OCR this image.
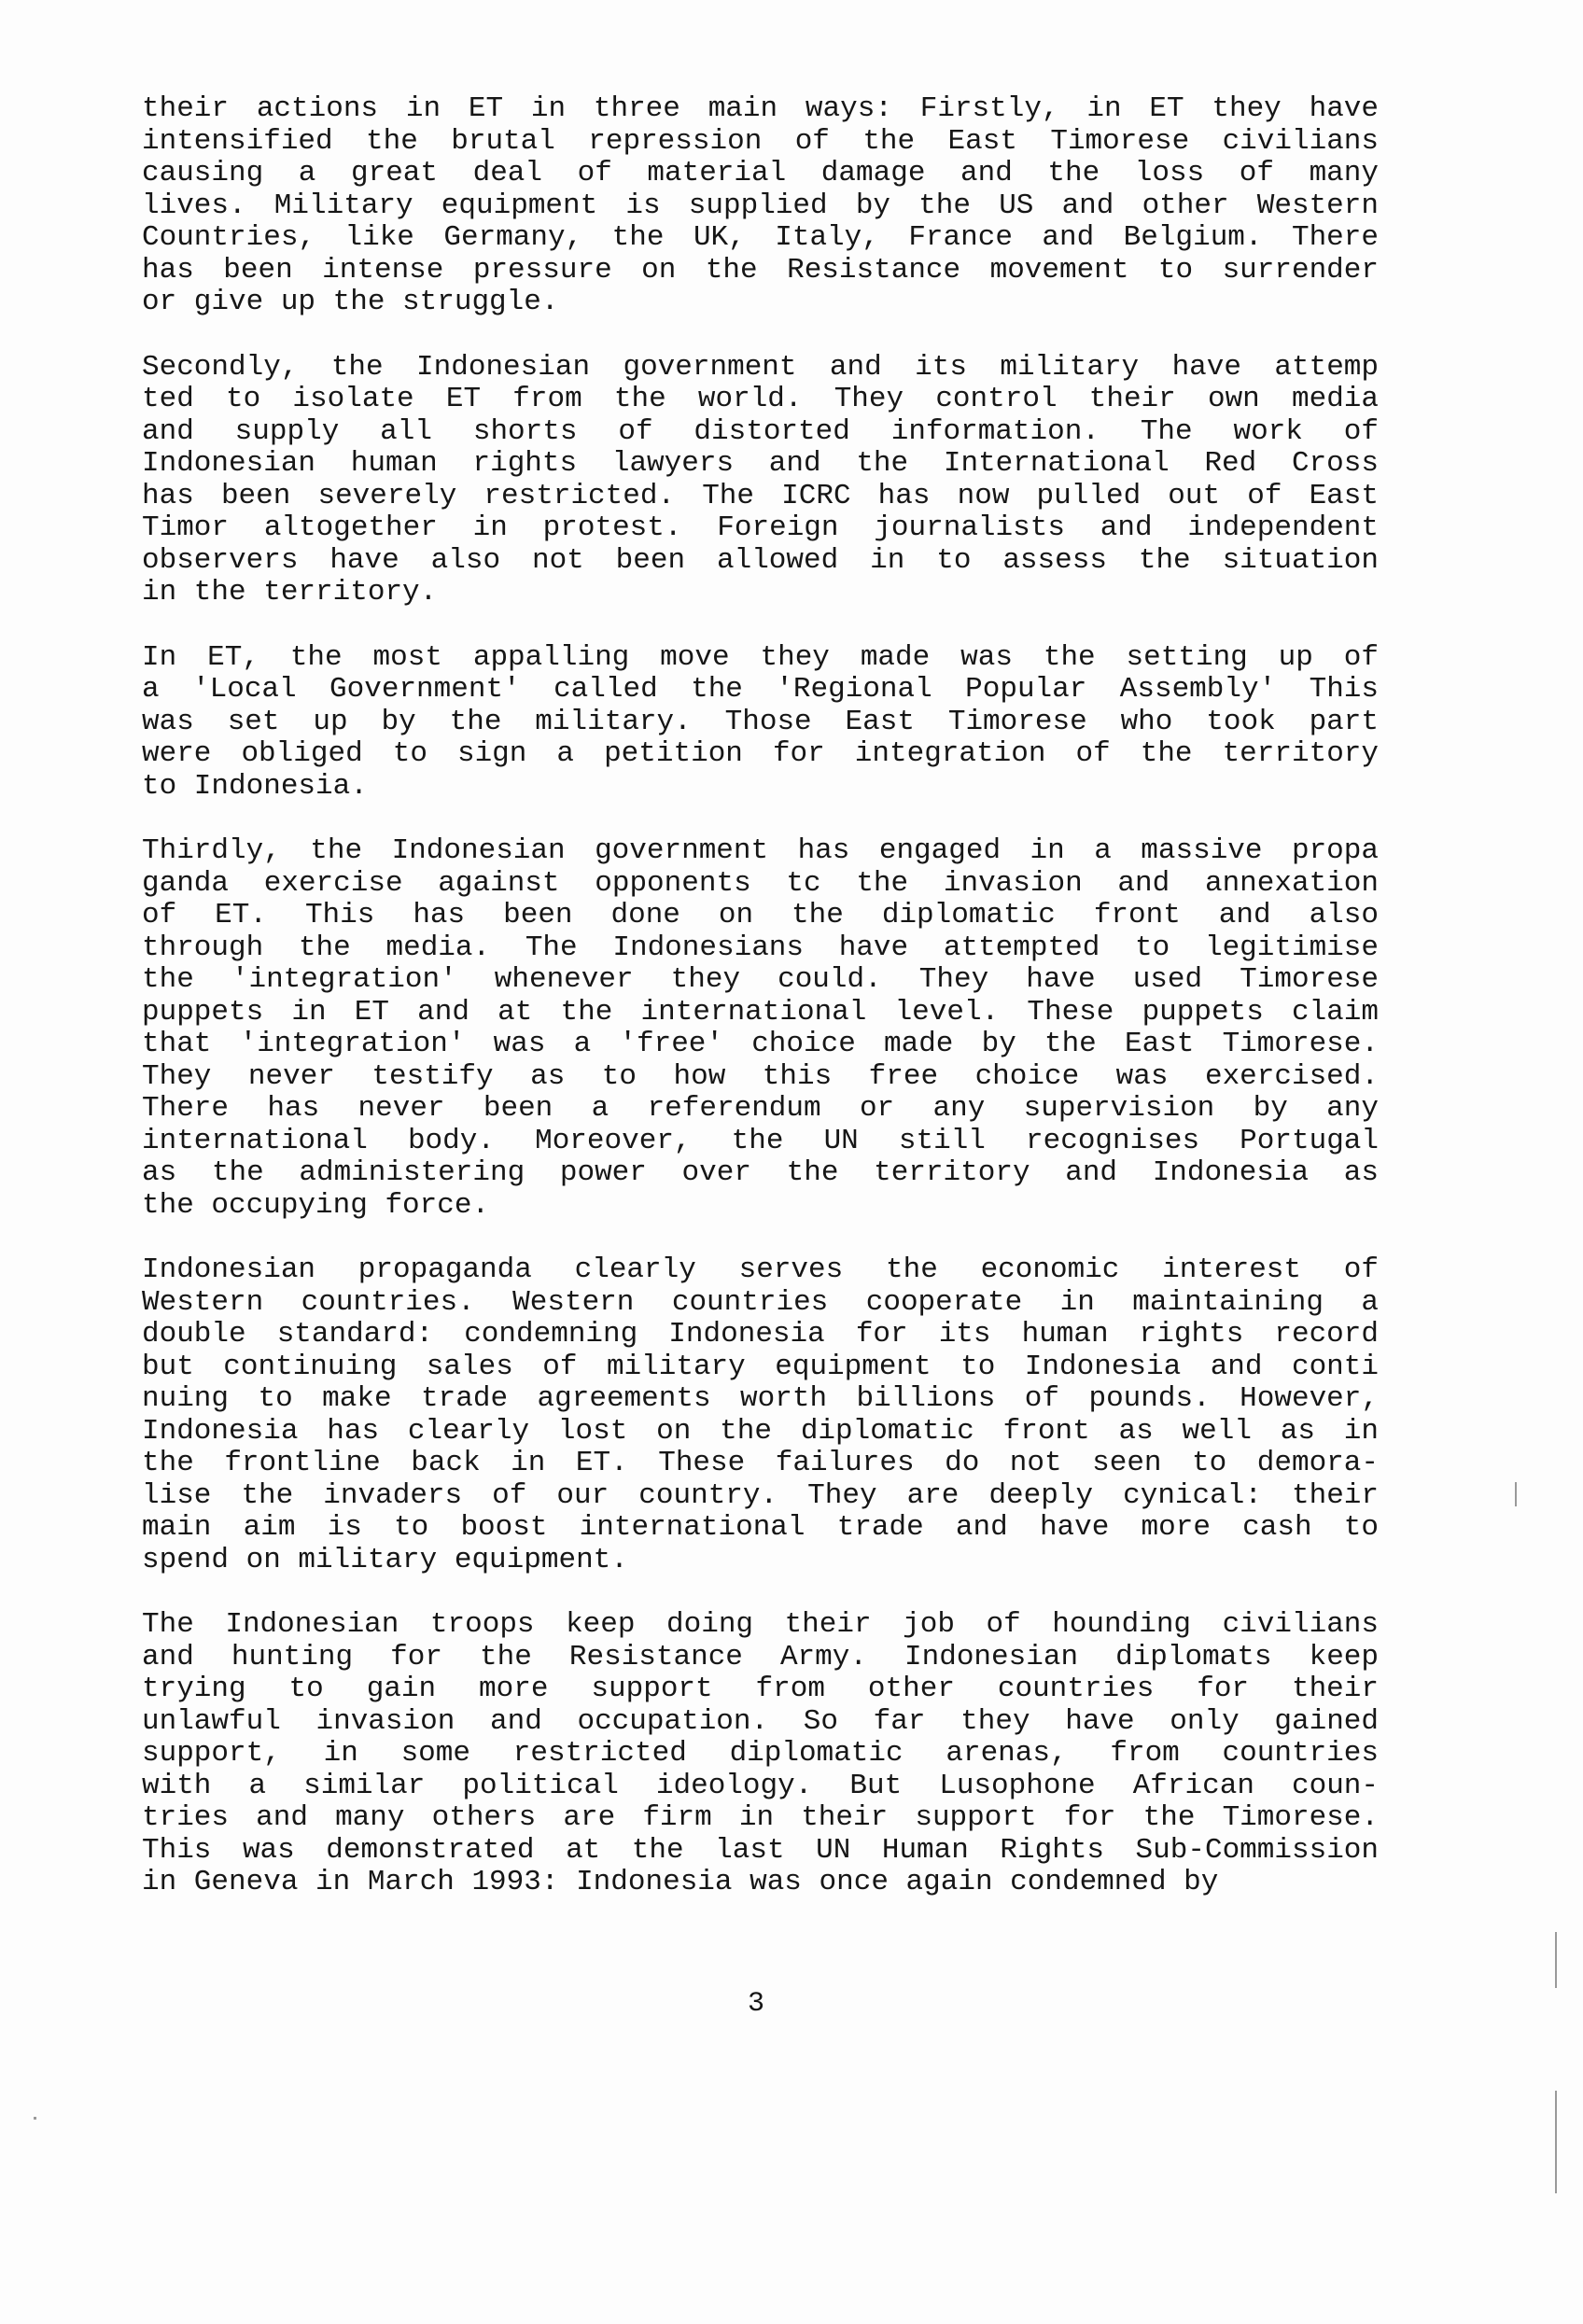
their actions in ET in three main ways: Firstly, in ET they have
intensified the brutal repression of the East Timorese civilians
causing a great deal of material damage and the loss of many
lives. Military equipment is supplied by the US and other Western
Countries, like Germany, the UK, Italy, France and Belgium. There
has been intense pressure on the Resistance movement to surrender
or give up the struggle.
Secondly, the Indonesian government and its military have attemp
ted to isolate ET from the world. They control their own media
and supply all shorts of distorted information. The work of
Indonesian human rights lawyers and the International Red Cross
has been severely restricted. The ICRC has now pulled out of East
Timor altogether in protest. Foreign journalists and independent
observers have also not been allowed in to assess the situation
in the territory.
In ET, the most appalling move they made was the setting up of
a 'Local Government' called the 'Regional Popular Assembly' This
was set up by the military. Those East Timorese who took part
were obliged to sign a petition for integration of the territory
to Indonesia.
Thirdly, the Indonesian government has engaged in a massive propa
ganda exercise against opponents tc the invasion and annexation
of ET. This has been done on the diplomatic front and also
through the media. The Indonesians have attempted to legitimise
the 'integration' whenever they could. They have used Timorese
puppets in ET and at the international level. These puppets claim
that 'integration' was a 'free' choice made by the East Timorese.
They never testify as to how this free choice was exercised.
There has never been a referendum or any supervision by any
international body. Moreover, the UN still recognises Portugal
as the administering power over the territory and Indonesia as
the occupying force.
Indonesian propaganda clearly serves the economic interest of
Western countries. Western countries cooperate in maintaining a
double standard: condemning Indonesia for its human rights record
but continuing sales of military equipment to Indonesia and conti
nuing to make trade agreements worth billions of pounds. However,
Indonesia has clearly lost on the diplomatic front as well as in
the frontline back in ET. These failures do not seen to demora-
lise the invaders of our country. They are deeply cynical: their
main aim is to boost international trade and have more cash to
spend on military equipment.
The Indonesian troops keep doing their job of hounding civilians
and hunting for the Resistance Army. Indonesian diplomats keep
trying to gain more support from other countries for their
unlawful invasion and occupation. So far they have only gained
support, in some restricted diplomatic arenas, from countries
with a similar political ideology. But Lusophone African coun-
tries and many others are firm in their support for the Timorese.
This was demonstrated at the last UN Human Rights Sub-Commission
in Geneva in March 1993: Indonesia was once again condemned by
3
